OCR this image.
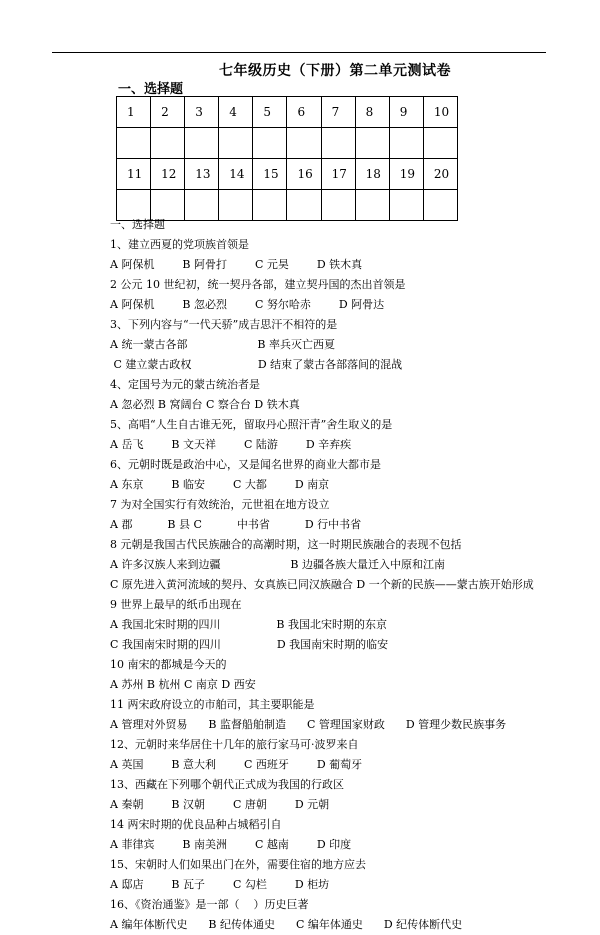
七年级历史（下册）第二单元测试卷
一、选择题
1	2	3	4	5	6	7	8	9	10

11	12	13	14	15	16	17	18	19	20

一、选择题
1、建立西夏的党项族首领是
A 阿保机        B 阿骨打        C 元昊        D 铁木真
2 公元 10 世纪初，统一契丹各部，建立契丹国的杰出首领是
A 阿保机        B 忽必烈        C 努尔哈赤        D 阿骨达
3、下列内容与“一代天骄”成吉思汗不相符的是
A 统一蒙古各部                    B 率兵灭亡西夏
C 建立蒙古政权                   D 结束了蒙古各部落间的混战
4、定国号为元的蒙古统治者是
A 忽必烈 B 窝阔台 C 察合台 D 铁木真
5、高唱“人生自古谁无死，留取丹心照汗青”舍生取义的是
A 岳飞        B 文天祥        C 陆游        D 辛弃疾
6、元朝时既是政治中心，又是闻名世界的商业大都市是
A 东京        B 临安        C 大都        D 南京
7 为对全国实行有效统治，元世祖在地方设立
A 郡          B 县 C          中书省          D 行中书省
8 元朝是我国古代民族融合的高潮时期，这一时期民族融合的表现不包括
A 许多汉族人来到边疆                    B 边疆各族大量迁入中原和江南
C 原先进入黄河流域的契丹、女真族已同汉族融合 D 一个新的民族——蒙古族开始形成
9 世界上最早的纸币出现在
A 我国北宋时期的四川                B 我国北宋时期的东京
C 我国南宋时期的四川                D 我国南宋时期的临安
10 南宋的都城是今天的
A 苏州 B 杭州 C 南京 D 西安
11 两宋政府设立的市舶司，其主要职能是
A 管理对外贸易      B 监督船舶制造      C 管理国家财政      D 管理少数民族事务
12、元朝时来华居住十几年的旅行家马可·波罗来自
A 英国        B 意大利        C 西班牙        D 葡萄牙
13、西藏在下列哪个朝代正式成为我国的行政区
A 秦朝        B 汉朝        C 唐朝        D 元朝
14 两宋时期的优良品种占城稻引自
A 菲律宾        B 南美洲        C 越南        D 印度
15、宋朝时人们如果出门在外，需要住宿的地方应去
A 邸店        B 瓦子        C 勾栏        D 柜坊
16、《资治通鉴》是一部（    ）历史巨著
A 编年体断代史      B 纪传体通史      C 编年体通史      D 纪传体断代史
